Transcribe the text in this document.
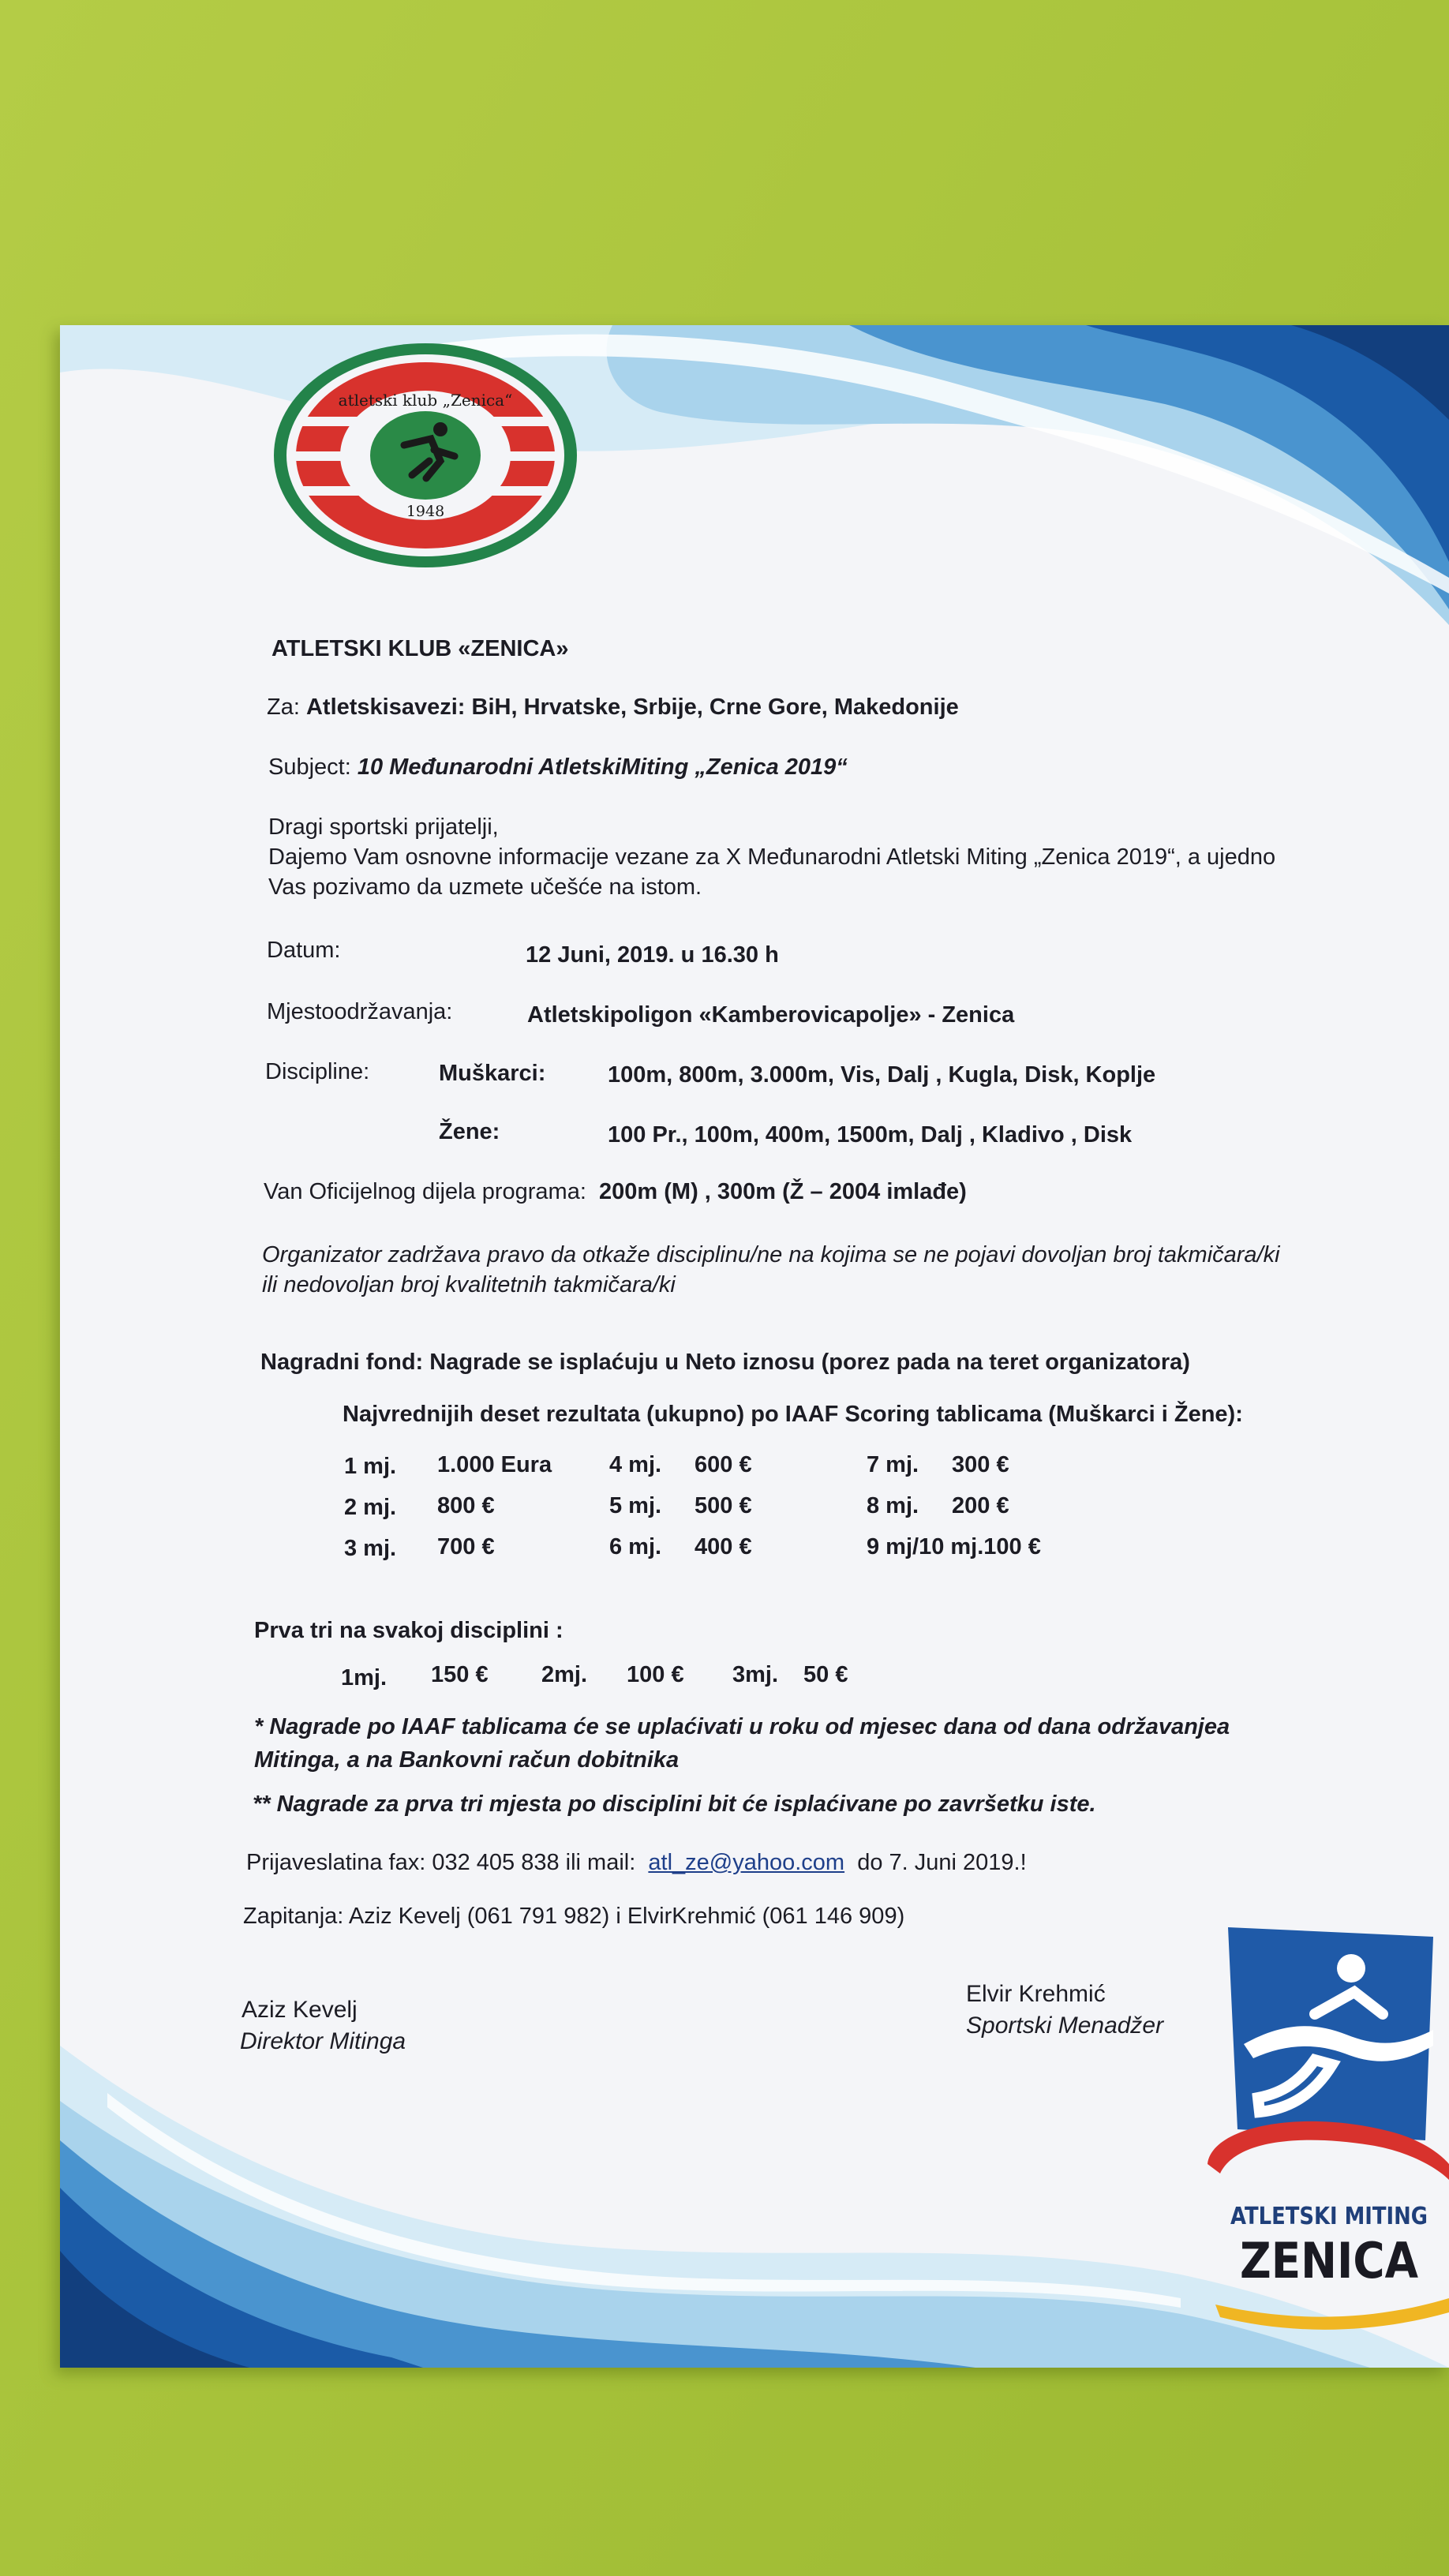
atletski klub „Zenica“
1948
ATLETSKI KLUB «ZENICA»
Za: Atletskisavezi: BiH, Hrvatske, Srbije, Crne Gore, Makedonije
Subject: 10 Međunarodni AtletskiMiting „Zenica 2019“
Dragi sportski prijatelji,
Dajemo Vam osnovne informacije vezane za X Međunarodni Atletski Miting „Zenica 2019“, a ujedno
Vas pozivamo da uzmete učešće na istom.
Datum:	12 Juni, 2019. u 16.30 h
Mjestoodržavanja:	Atletskipoligon «Kamberovicapolje» - Zenica
Discipline:	Muškarci:	100m, 800m, 3.000m, Vis, Dalj , Kugla, Disk, Koplje
Žene:	100 Pr., 100m, 400m, 1500m, Dalj , Kladivo , Disk
Van Oficijelnog dijela programa: 200m (M) , 300m (Ž – 2004 imlađe)
Organizator zadržava pravo da otkaže disciplinu/ne na kojima se ne pojavi dovoljan broj takmičara/ki
ili nedovoljan broj kvalitetnih takmičara/ki
Nagradni fond: Nagrade se isplaćuju u Neto iznosu (porez pada na teret organizatora)
Najvrednijih deset rezultata (ukupno) po IAAF Scoring tablicama (Muškarci i Žene):
1 mj. 1.000 Eura	4 mj. 600 €	7 mj. 300 €
2 mj. 800 €	5 mj. 500 €	8 mj. 200 €
3 mj. 700 €	6 mj. 400 €	9 mj/10 mj.100 €
Prva tri na svakoj disciplini :
1mj. 150 € 2mj. 100 € 3mj. 50 €
* Nagrade po IAAF tablicama će se uplaćivati u roku od mjesec dana od dana održavanjea
Mitinga, a na Bankovni račun dobitnika
** Nagrade za prva tri mjesta po disciplini bit će isplaćivane po završetku iste.
Prijaveslatina fax: 032 405 838 ili mail: atl_ze@yahoo.com do 7. Juni 2019.!
Zapitanja: Aziz Kevelj (061 791 982) i ElvirKrehmić (061 146 909)
Aziz Kevelj
Direktor Mitinga
Elvir Krehmić
Sportski Menadžer
ATLETSKI MITING
ZENICA
